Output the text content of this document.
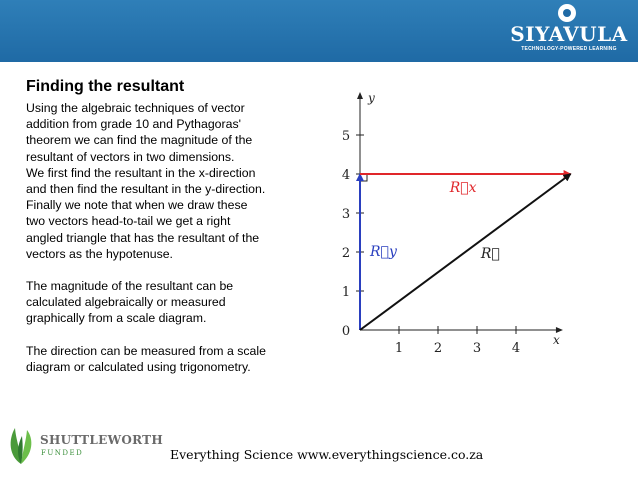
SIYAVULA
TECHNOLOGY-POWERED LEARNING
Finding the resultant

Using the algebraic techniques of vector

addition from grade 10 and Pythagoras'

theorem we can find the magnitude of the

resultant of vectors in two dimensions.

We first find the resultant in the x-direction

and then find the resultant in the y-direction.

Finally we note that when we draw these

two vectors head-to-tail we get a right

angled triangle that has the resultant of the

vectors as the hypotenuse.

The magnitude of the resultant can be

calculated algebraically or measured

graphically from a scale diagram.

The direction can be measured from a scale

diagram or calculated using trigonometry.

1 2 3 4
0
1
2
3
4
5
x
y
R⃗x
R⃗y	R⃗
SHUTTLEWORTH
FUNDED	Everything Science www.everythingscience.co.za
